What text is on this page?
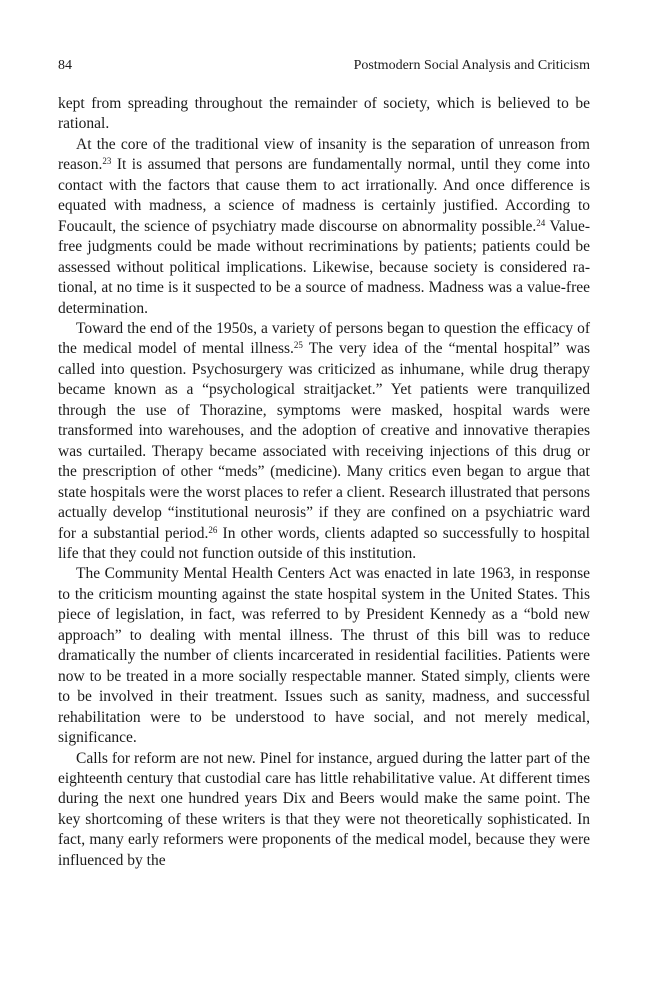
84	Postmodern Social Analysis and Criticism

kept from spreading throughout the remainder of society, which is believed to be rational.

At the core of the traditional view of insanity is the separation of unreason from reason.$^{23}$ It is assumed that persons are fundamentally normal, until they come into contact with the factors that cause them to act irrationally. And once difference is equated with madness, a science of madness is certainly justified. According to Foucault, the science of psychiatry made discourse on abnormality possible.$^{24}$ Value-free judgments could be made without recriminations by patients; patients could be assessed without political implications. Likewise, because society is considered rational, at no time is it suspected to be a source of madness. Madness was a value-free determination.

Toward the end of the 1950s, a variety of persons began to question the efficacy of the medical model of mental illness.$^{25}$ The very idea of the “mental hospital” was called into question. Psychosurgery was criticized as inhumane, while drug therapy became known as a “psychological straitjacket.” Yet patients were tranquilized through the use of Thorazine, symptoms were masked, hospital wards were transformed into warehouses, and the adoption of creative and innovative therapies was curtailed. Therapy became associated with receiving injections of this drug or the prescription of other “meds” (medicine). Many critics even began to argue that state hospitals were the worst places to refer a client. Research illustrated that persons actually develop “institutional neurosis” if they are confined on a psychiatric ward for a substantial period.$^{26}$ In other words, clients adapted so successfully to hospital life that they could not function outside of this institution.

The Community Mental Health Centers Act was enacted in late 1963, in response to the criticism mounting against the state hospital system in the United States. This piece of legislation, in fact, was referred to by President Kennedy as a “bold new approach” to dealing with mental illness. The thrust of this bill was to reduce dramatically the number of clients incarcerated in residential facilities. Patients were now to be treated in a more socially respectable manner. Stated simply, clients were to be involved in their treatment. Issues such as sanity, madness, and successful rehabilitation were to be understood to have social, and not merely medical, significance.

Calls for reform are not new. Pinel for instance, argued during the latter part of the eighteenth century that custodial care has little rehabilitative value. At different times during the next one hundred years Dix and Beers would make the same point. The key shortcoming of these writers is that they were not theoretically sophisticated. In fact, many early reformers were proponents of the medical model, because they were influenced by the
